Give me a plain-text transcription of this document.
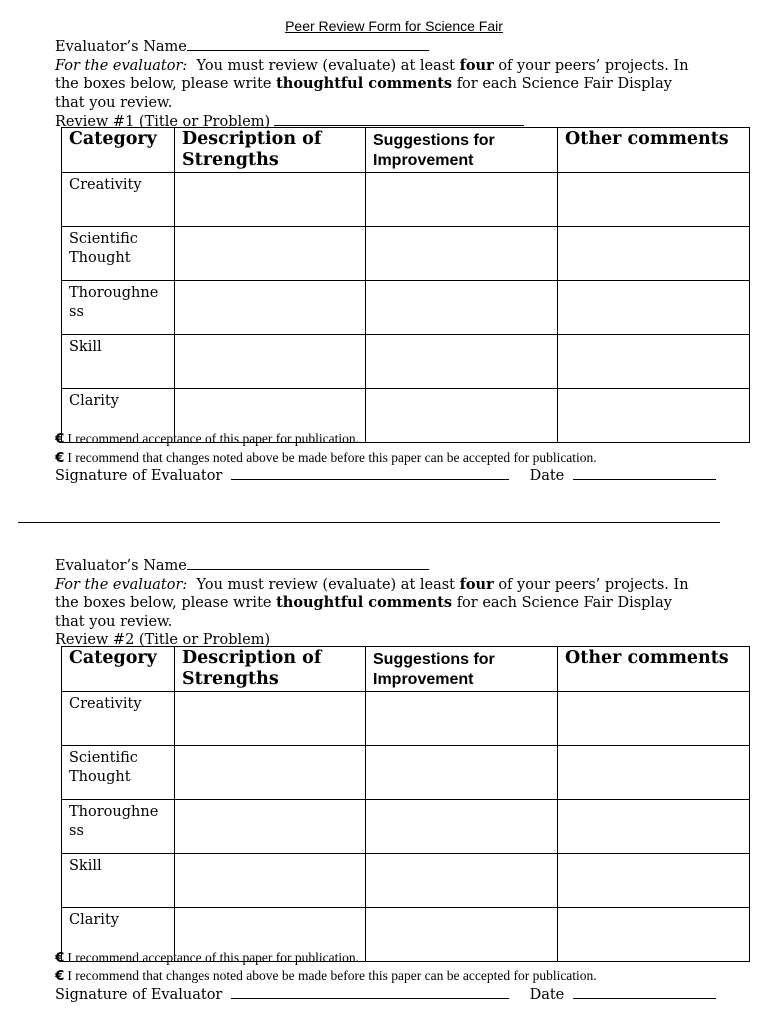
Peer Review Form for Science Fair
Evaluator’s Name
For the evaluator: You must review (evaluate) at least four of your peers’ projects. In
the boxes below, please write thoughtful comments for each Science Fair Display
that you review.
Review #1 (Title or Problem)
Category	Description of Strengths	Suggestions for Improvement	Other comments
Creativity			
Scientific Thought			
Thoroughne ss			
Skill			
Clarity			
€ I recommend acceptance of this paper for publication.
€ I recommend that changes noted above be made before this paper can be accepted for publication.
Signature of Evaluator	Date
Evaluator’s Name
For the evaluator: You must review (evaluate) at least four of your peers’ projects. In
the boxes below, please write thoughtful comments for each Science Fair Display
that you review.
Review #2 (Title or Problem)
Category	Description of Strengths	Suggestions for Improvement	Other comments
Creativity			
Scientific Thought			
Thoroughne ss			
Skill			
Clarity			
€ I recommend acceptance of this paper for publication.
€ I recommend that changes noted above be made before this paper can be accepted for publication.
Signature of Evaluator	Date
